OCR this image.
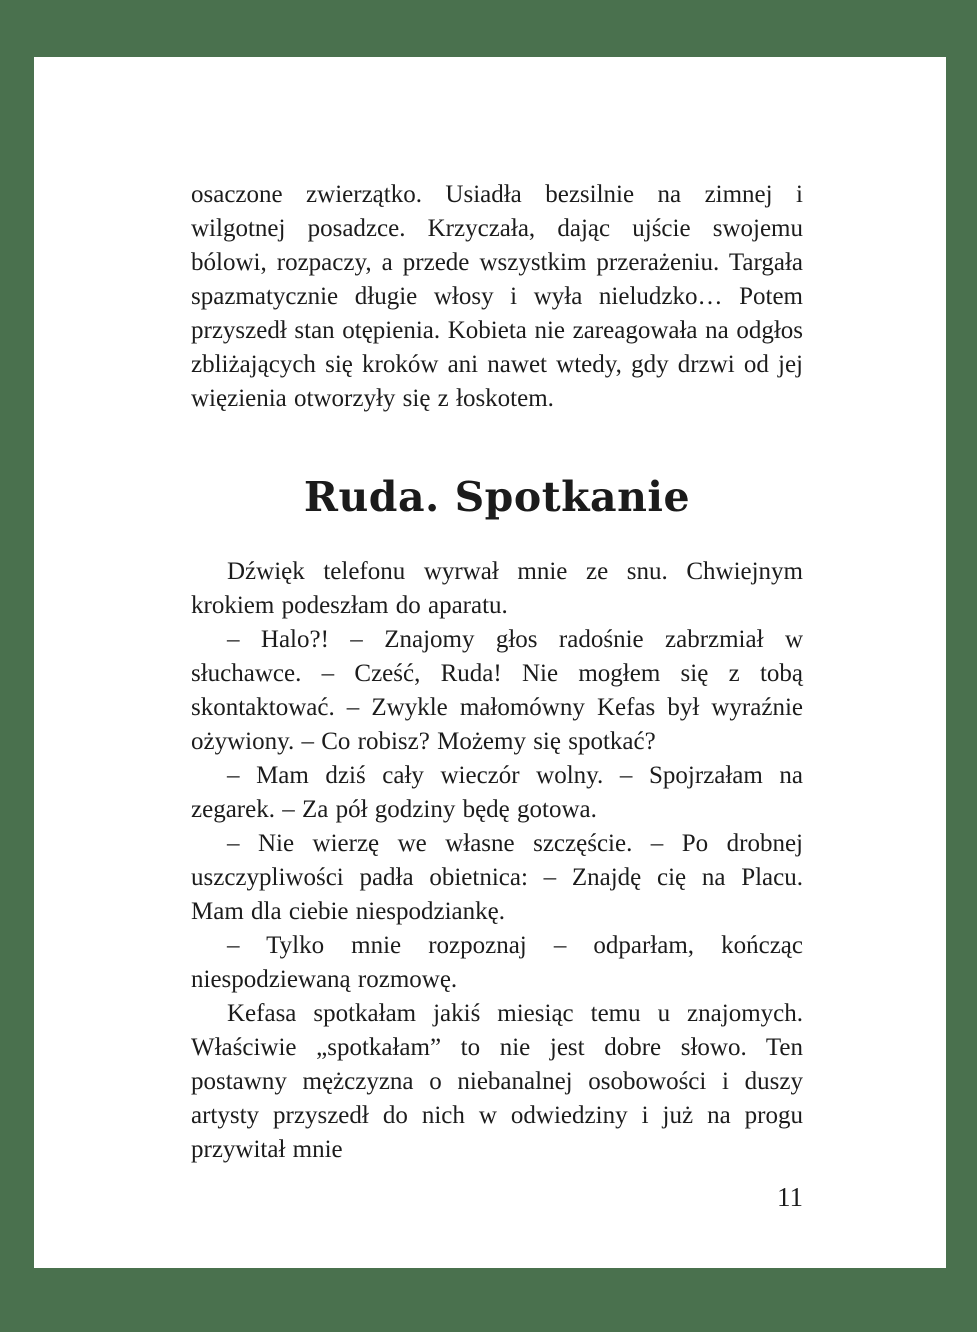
osaczone zwierzątko. Usiadła bezsilnie na zimnej i wilgotnej posadzce. Krzyczała, dając ujście swojemu bólowi, rozpaczy, a przede wszystkim przerażeniu. Targała spazmatycznie długie włosy i wyła nieludzko… Potem przyszedł stan otępienia. Kobieta nie zareagowała na odgłos zbliżających się kroków ani nawet wtedy, gdy drzwi od jej więzienia otworzyły się z łoskotem.

Ruda. Spotkanie

Dźwięk telefonu wyrwał mnie ze snu. Chwiejnym krokiem podeszłam do aparatu.

– Halo?! – Znajomy głos radośnie zabrzmiał w słuchawce. – Cześć, Ruda! Nie mogłem się z tobą skontaktować. – Zwykle małomówny Kefas był wyraźnie ożywiony. – Co robisz? Możemy się spotkać?

– Mam dziś cały wieczór wolny. – Spojrzałam na zegarek. – Za pół godziny będę gotowa.

– Nie wierzę we własne szczęście. – Po drobnej uszczypliwości padła obietnica: – Znajdę cię na Placu. Mam dla ciebie niespodziankę.

– Tylko mnie rozpoznaj – odparłam, kończąc niespodziewaną rozmowę.

Kefasa spotkałam jakiś miesiąc temu u znajomych. Właściwie „spotkałam” to nie jest dobre słowo. Ten postawny mężczyzna o niebanalnej osobowości i duszy artysty przyszedł do nich w odwiedziny i już na progu przywitał mnie

11
